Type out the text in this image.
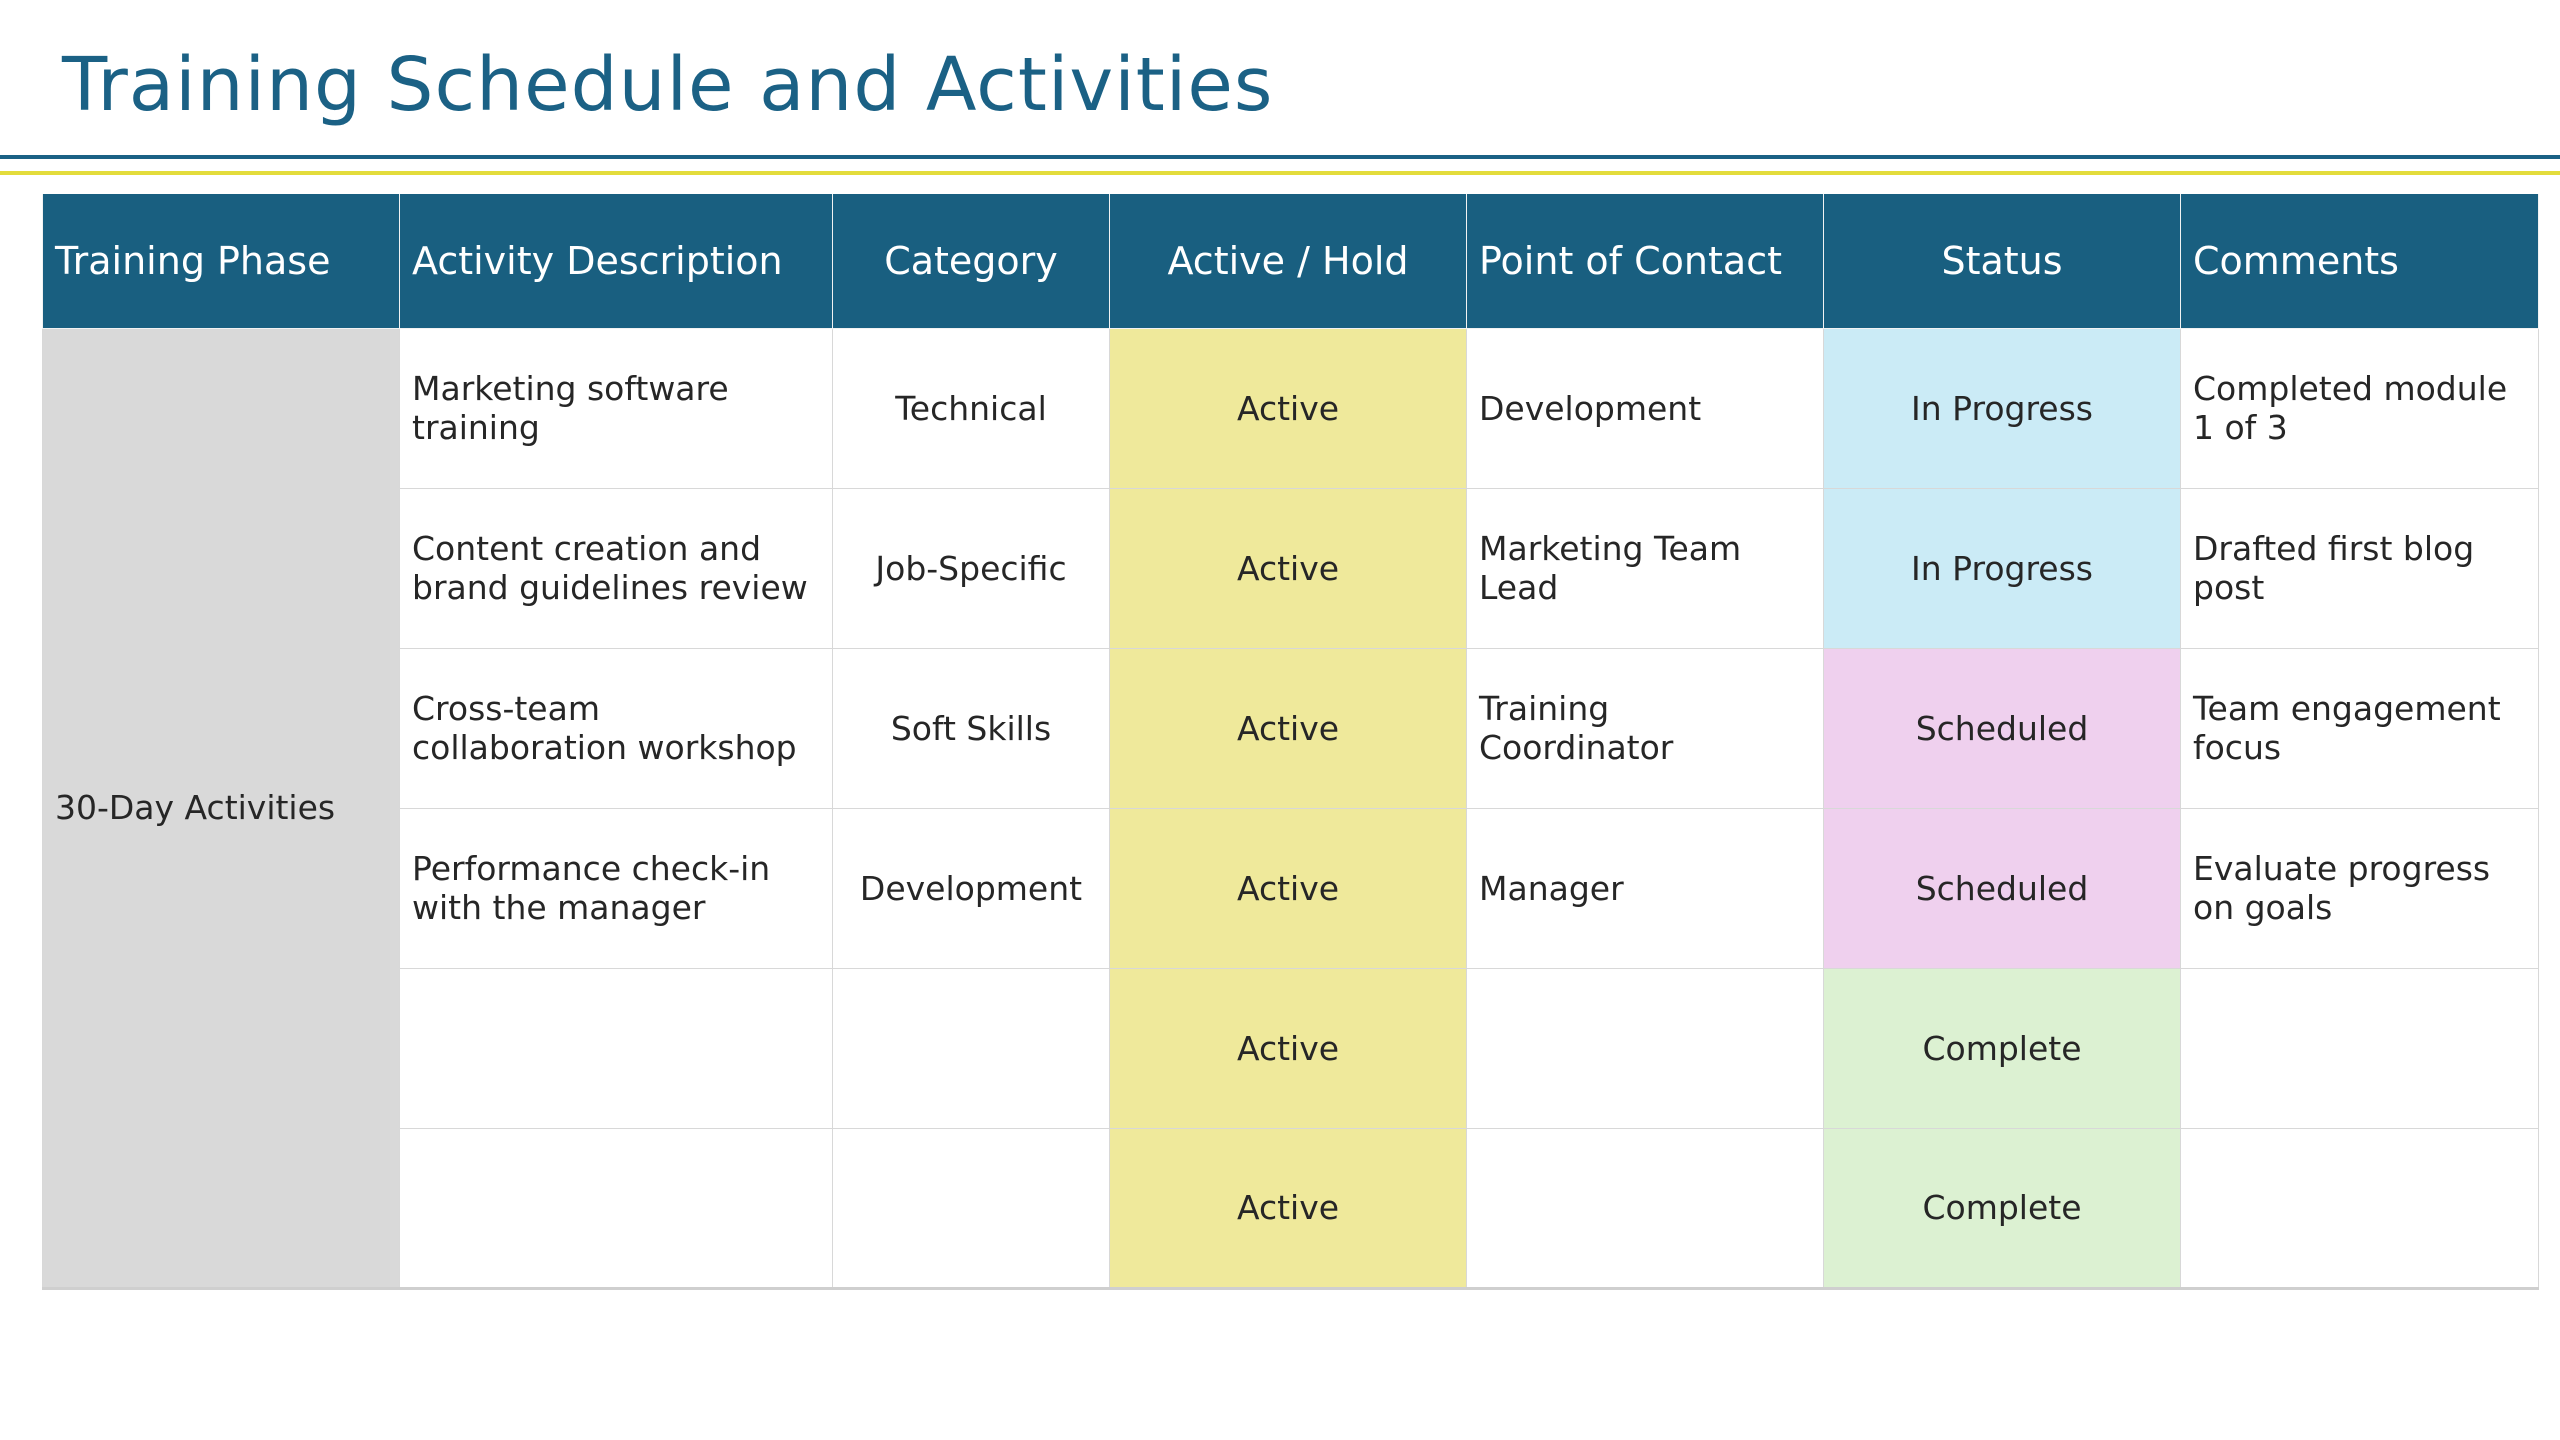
Training Schedule and Activities
Training Phase	Activity Description	Category	Active / Hold	Point of Contact	Status	Comments
30-Day Activities	Marketing software training	Technical	Active	Development	In Progress	Completed module 1 of 3
	Content creation and brand guidelines review	Job-Specific	Active	Marketing Team Lead	In Progress	Drafted first blog post
	Cross-team collaboration workshop	Soft Skills	Active	Training Coordinator	Scheduled	Team engagement focus
	Performance check-in with the manager	Development	Active	Manager	Scheduled	Evaluate progress on goals
			Active		Complete	
			Active		Complete	
